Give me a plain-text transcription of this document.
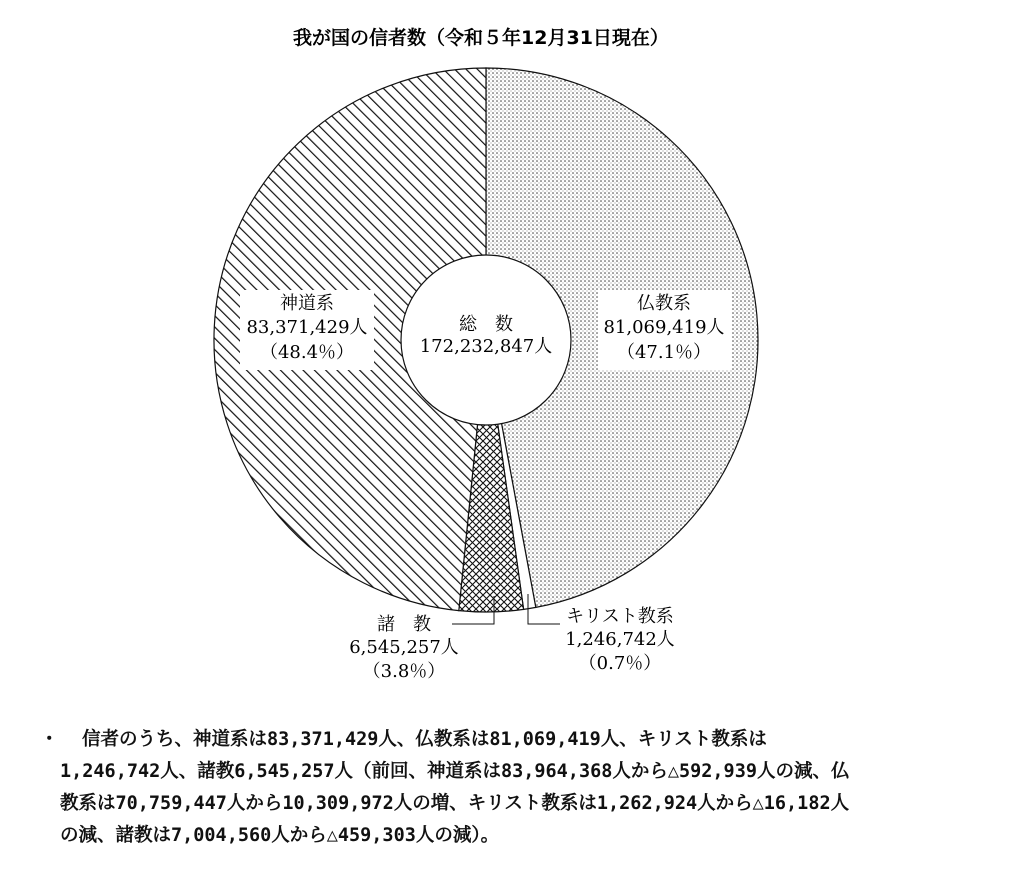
我が国の信者数（令和５年12月31日現在）
総　数
172,232,847人
仏教系
81,069,419人
（47.1％）
神道系
83,371,429人
（48.4％）
諸　教
6,545,257人
（3.8％）
キリスト教系
1,246,742人
（0.7％）
・	信者のうち、神道系は83,371,429人、仏教系は81,069,419人、キリスト教系は
1,246,742人、諸教6,545,257人（前回、神道系は83,964,368人から△592,939人の減、仏
教系は70,759,447人から10,309,972人の増、キリスト教系は1,262,924人から△16,182人
の減、諸教は7,004,560人から△459,303人の減）。
